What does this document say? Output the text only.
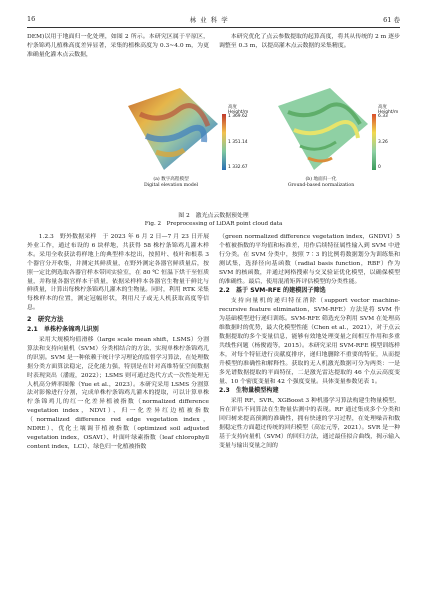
16	林 业 科 学	61 卷

DEM)以用于地面归一化处理，如图 2 所示。本研究区属于平原区，柠条锦鸡儿植株高度差异显著，采集的植株高度为 0.3~4.0 m，为更准确量化灌木点云数据，

本研究优化了点云参数提取的起算高度，将其从传统的 2 m 逐步调整至 0.3 m，以提高灌木点云数据的采集精度。

高度
Height/m
1 369.62
1 351.14
1 332.67
(a) 数字高程模型
Digital elevation model
高度
Height/m
6.33
3.26
0
(b) 地面归一化
Ground-based normalization
图 2　激光点云数据预处理
Fig. 2　Preprocessing of LiDAR point cloud data

1.2.3　野外数据采样　于 2023 年 6 月 2 日—7 月 23 日开展外业工作，通过布设的 6 块样地，共获得 58 株柠条锦鸡儿灌木样本。采用全收获法将样地上的典型样本挖出，按照叶、枝叶和根系 3 个器官分开收集，并测定其鲜质量，在野外测定各器官鲜质量后，按照一定比例选取各器官样本带回实验室，在 80 ℃ 恒温下烘干至恒质量，并称量各器官样本干质量，依据采样样本各器官生物量干鲜比与鲜质量，计算出每株柠条锦鸡儿灌木的生物量。同时，利用 RTK 采集每株样本的位置，测定冠幅形状，利用尺子或无人机获取高度等信息。

2　研究方法
2.1　单株柠条锦鸡儿识别

采用大规模均值滑移（large scale mean shift，LSMS）分割算法和支持向量机（SVM）分类相结合的方法，实现单株柠条锦鸡儿的识别。SVM 是一种依赖于统计学习理论的监督学习算法，在处理数据分类方面算法稳定，泛化能力强，特别是在针对高维特征空间数据时表现突出（潘霞，2022）；LSMS 则可通过迭代方式一次性处理无人机高分辨率图像（Yue et al.，2023）。本研究采用 LSMS 分割算法对影像进行分割，完成单株柠条锦鸡儿灌木的提取，可以计算单株柠条锦鸡儿的红一化差异植被指数（normalized difference vegetation index，NDVI）、归一化差异红边植被指数（normalized difference red edge vegetation index，NDRE）、优化土壤调节植被指数（optimized soil adjusted vegetation index，OSAVI）、叶面叶绿素指数（leaf chlorophyll content index，LCI）、绿色归一化植被指数

（green normalized difference vegetation index，GNDVI）5 个植被指数的平均值和标准差，用作后续特征属性输入到 SVM 中进行分类。在 SVM 分类中，按照 7∶3 的比例将数据划分为训练集和测试集，选择径向基函数（radial basis function，RBF）作为 SVM 的核函数，并通过网格搜索与交叉验证优化模型，以确保模型的准确性。最后，使用混淆矩阵评估模型的分类性能。

2.2　基于 SVM-RFE 的建模因子筛选

支持向量机的递归特征消除（support vector machine-recursive feature elimination，SVM-RFE）方法是将 SVM 作为基础模型进行递归训练。SVM-RFE 筛选充分利用 SVM 在处理高维数据时的优势，最大化模型性能（Chen et al.，2021），对于点云数据提取的多个变量信息，能够有效地处理变量之间相互作用和多重共线性问题（杨俊霞等，2015）。本研究采用 SVM-RFE 模型训练样本，对每个特征进行贡献度排序，递归地删除不重要的特征，从而提升模型的准确性和解释性。获取的无人机激光数据可分为两类：一是多光谱数据提取的平面特征，二是激光雷达提取的 46 个点云高度变量、10 个密度变量和 42 个强度变量。具体变量参数见表 1。

2.3　生物量模型构建

采用 RF、SVR、XGBoost 3 种机器学习算法构建生物量模型，旨在评估不同算法在生物量估测中的表现。RF 通过集成多个分类和回归树来提高预测的准确性，拥有快速的学习过程，在处理噪音和数据稳定性方面超过传统的回归模型（高宏元等，2021）。SVR 是一种基于支持向量机（SVM）的回归方法，通过最佳拟合曲线，揭示输入变量与输出变量之间的
